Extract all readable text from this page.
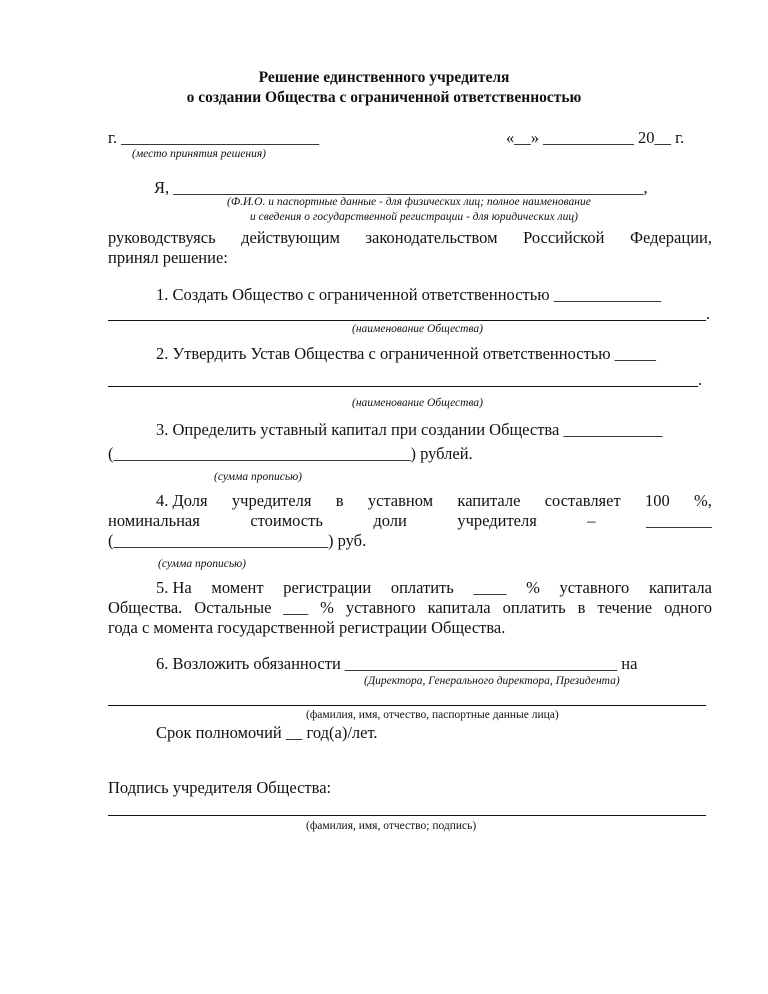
Решение единственного учредителя
о создании Общества с ограниченной ответственностью
г. ________________________
(место принятия решения)
«__» ___________ 20__ г.
Я, _________________________________________________________,
(Ф.И.О. и паспортные данные - для физических лиц; полное наименование
и сведения о государственной регистрации - для юридических лиц)
руководствуясь действующим законодательством Российской Федерации,
принял решение:
1. Создать Общество с ограниченной ответственностью _____________
.
(наименование Общества)
2. Утвердить Устав Общества с ограниченной ответственностью _____
.
(наименование Общества)
3. Определить уставный капитал при создании Общества ____________
(____________________________________) рублей.
(сумма прописью)
4. Доля учредителя в уставном капитале составляет 100 %,
номинальная	стоимость	доли	учредителя	–	________
(__________________________) руб.
(сумма прописью)
5. На момент регистрации оплатить ____ % уставного капитала
Общества. Остальные ___ % уставного капитала оплатить в течение одного
года с момента государственной регистрации Общества.
6. Возложить обязанности _________________________________ на
(Директора, Генерального директора, Президента)
(фамилия, имя, отчество, паспортные данные лица)
Срок полномочий __ год(а)/лет.
Подпись учредителя Общества:
(фамилия, имя, отчество; подпись)
